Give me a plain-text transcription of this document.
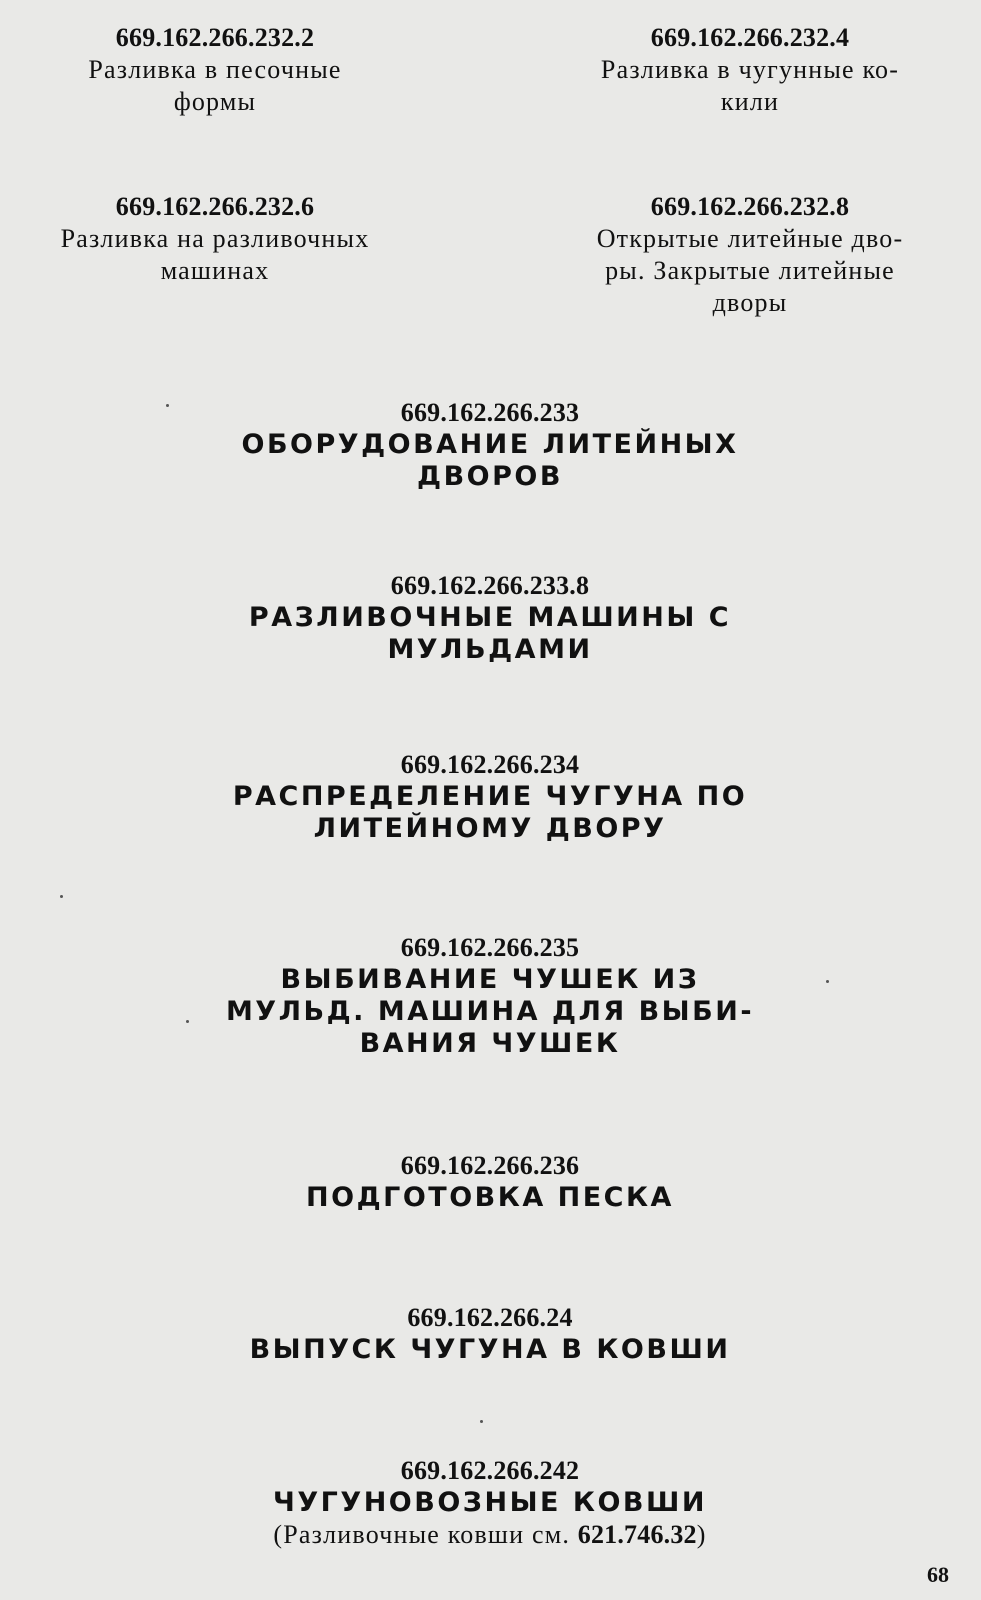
669.162.266.232.2
Разливка в песочные
формы
669.162.266.232.4
Разливка в чугунные ко-
кили
669.162.266.232.6
Разливка на разливочных
машинах
669.162.266.232.8
Открытые литейные дво-
ры. Закрытые литейные
дворы
669.162.266.233
ОБОРУДОВАНИЕ ЛИТЕЙНЫХ
ДВОРОВ
669.162.266.233.8
РАЗЛИВОЧНЫЕ МАШИНЫ С
МУЛЬДАМИ
669.162.266.234
РАСПРЕДЕЛЕНИЕ ЧУГУНА ПО
ЛИТЕЙНОМУ ДВОРУ
669.162.266.235
ВЫБИВАНИЕ ЧУШЕК ИЗ
МУЛЬД. МАШИНА ДЛЯ ВЫБИ-
ВАНИЯ ЧУШЕК
669.162.266.236
ПОДГОТОВКА ПЕСКА
669.162.266.24
ВЫПУСК ЧУГУНА В КОВШИ
669.162.266.242
ЧУГУНОВОЗНЫЕ КОВШИ
(Разливочные ковши см. 621.746.32)
68
